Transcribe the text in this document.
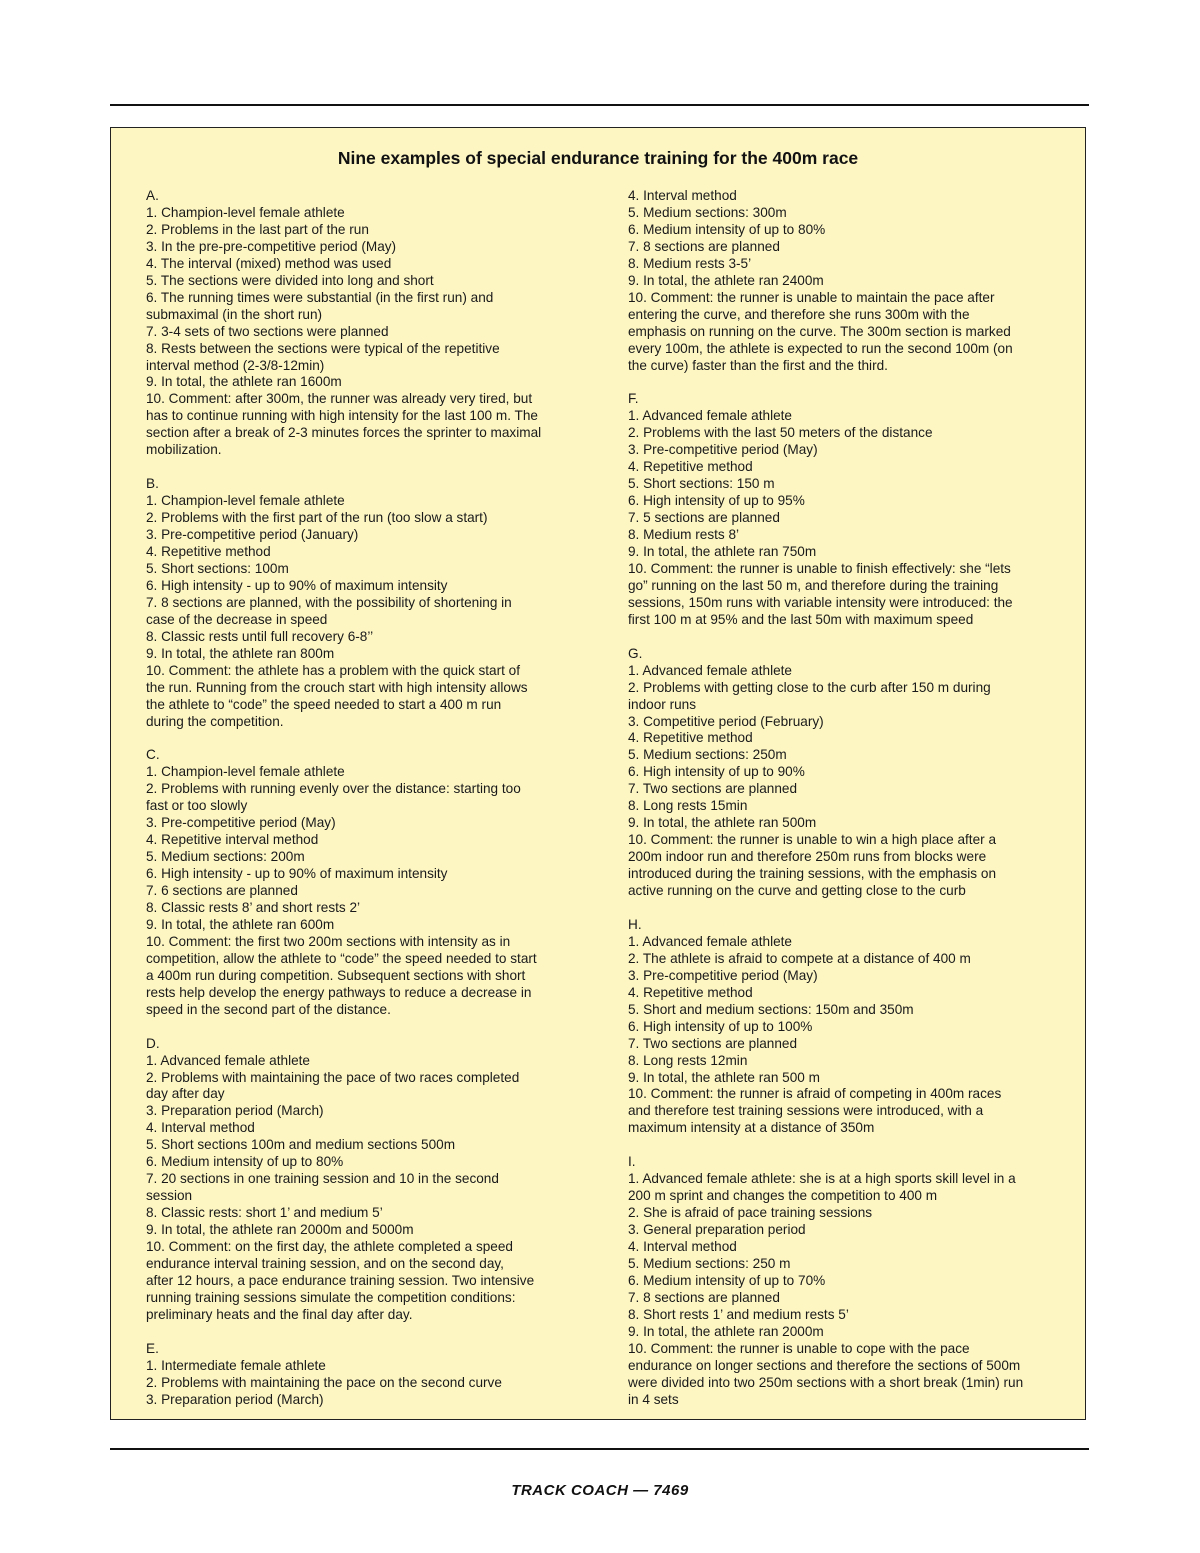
Nine examples of special endurance training for the 400m race
A.
1. Champion-level female athlete
2. Problems in the last part of the run
3. In the pre-pre-competitive period (May)
4. The interval (mixed) method was used
5. The sections were divided into long and short
6. The running times were substantial (in the first run) and
submaximal (in the short run)
7. 3-4 sets of two sections were planned
8. Rests between the sections were typical of the repetitive
interval method (2-3/8-12min)
9. In total, the athlete ran 1600m
10. Comment: after 300m, the runner was already very tired, but
has to continue running with high intensity for the last 100 m. The
section after a break of 2-3 minutes forces the sprinter to maximal
mobilization.
B.
1. Champion-level female athlete
2. Problems with the first part of the run (too slow a start)
3. Pre-competitive period (January)
4. Repetitive method
5. Short sections: 100m
6. High intensity - up to 90% of maximum intensity
7. 8 sections are planned, with the possibility of shortening in
case of the decrease in speed
8. Classic rests until full recovery 6-8’’
9. In total, the athlete ran 800m
10. Comment: the athlete has a problem with the quick start of
the run. Running from the crouch start with high intensity allows
the athlete to “code” the speed needed to start a 400 m run
during the competition.
C.
1. Champion-level female athlete
2. Problems with running evenly over the distance: starting too
fast or too slowly
3. Pre-competitive period (May)
4. Repetitive interval method
5. Medium sections: 200m
6. High intensity - up to 90% of maximum intensity
7. 6 sections are planned
8. Classic rests 8’ and short rests 2’
9. In total, the athlete ran 600m
10. Comment: the first two 200m sections with intensity as in
competition, allow the athlete to “code” the speed needed to start
a 400m run during competition. Subsequent sections with short
rests help develop the energy pathways to reduce a decrease in
speed in the second part of the distance.
D.
1. Advanced female athlete
2. Problems with maintaining the pace of two races completed
day after day
3. Preparation period (March)
4. Interval method
5. Short sections 100m and medium sections 500m
6. Medium intensity of up to 80%
7. 20 sections in one training session and 10 in the second
session
8. Classic rests: short 1’ and medium 5’
9. In total, the athlete ran 2000m and 5000m
10. Comment: on the first day, the athlete completed a speed
endurance interval training session, and on the second day,
after 12 hours, a pace endurance training session. Two intensive
running training sessions simulate the competition conditions:
preliminary heats and the final day after day.
E.
1. Intermediate female athlete
2. Problems with maintaining the pace on the second curve
3. Preparation period (March)
4. Interval method
5. Medium sections: 300m
6. Medium intensity of up to 80%
7. 8 sections are planned
8. Medium rests 3-5’
9. In total, the athlete ran 2400m
10. Comment: the runner is unable to maintain the pace after
entering the curve, and therefore she runs 300m with the
emphasis on running on the curve. The 300m section is marked
every 100m, the athlete is expected to run the second 100m (on
the curve) faster than the first and the third.
F.
1. Advanced female athlete
2. Problems with the last 50 meters of the distance
3. Pre-competitive period (May)
4. Repetitive method
5. Short sections: 150 m
6. High intensity of up to 95%
7. 5 sections are planned
8. Medium rests 8’
9. In total, the athlete ran 750m
10. Comment: the runner is unable to finish effectively: she “lets
go” running on the last 50 m, and therefore during the training
sessions, 150m runs with variable intensity were introduced: the
first 100 m at 95% and the last 50m with maximum speed
G.
1. Advanced female athlete
2. Problems with getting close to the curb after 150 m during
indoor runs
3. Competitive period (February)
4. Repetitive method
5. Medium sections: 250m
6. High intensity of up to 90%
7. Two sections are planned
8. Long rests 15min
9. In total, the athlete ran 500m
10. Comment: the runner is unable to win a high place after a
200m indoor run and therefore 250m runs from blocks were
introduced during the training sessions, with the emphasis on
active running on the curve and getting close to the curb
H.
1. Advanced female athlete
2. The athlete is afraid to compete at a distance of 400 m
3. Pre-competitive period (May)
4. Repetitive method
5. Short and medium sections: 150m and 350m
6. High intensity of up to 100%
7. Two sections are planned
8. Long rests 12min
9. In total, the athlete ran 500 m
10. Comment: the runner is afraid of competing in 400m races
and therefore test training sessions were introduced, with a
maximum intensity at a distance of 350m
I.
1. Advanced female athlete: she is at a high sports skill level in a
200 m sprint and changes the competition to 400 m
2. She is afraid of pace training sessions
3. General preparation period
4. Interval method
5. Medium sections: 250 m
6. Medium intensity of up to 70%
7. 8 sections are planned
8. Short rests 1’ and medium rests 5’
9. In total, the athlete ran 2000m
10. Comment: the runner is unable to cope with the pace
endurance on longer sections and therefore the sections of 500m
were divided into two 250m sections with a short break (1min) run
in 4 sets
TRACK COACH — 7469
